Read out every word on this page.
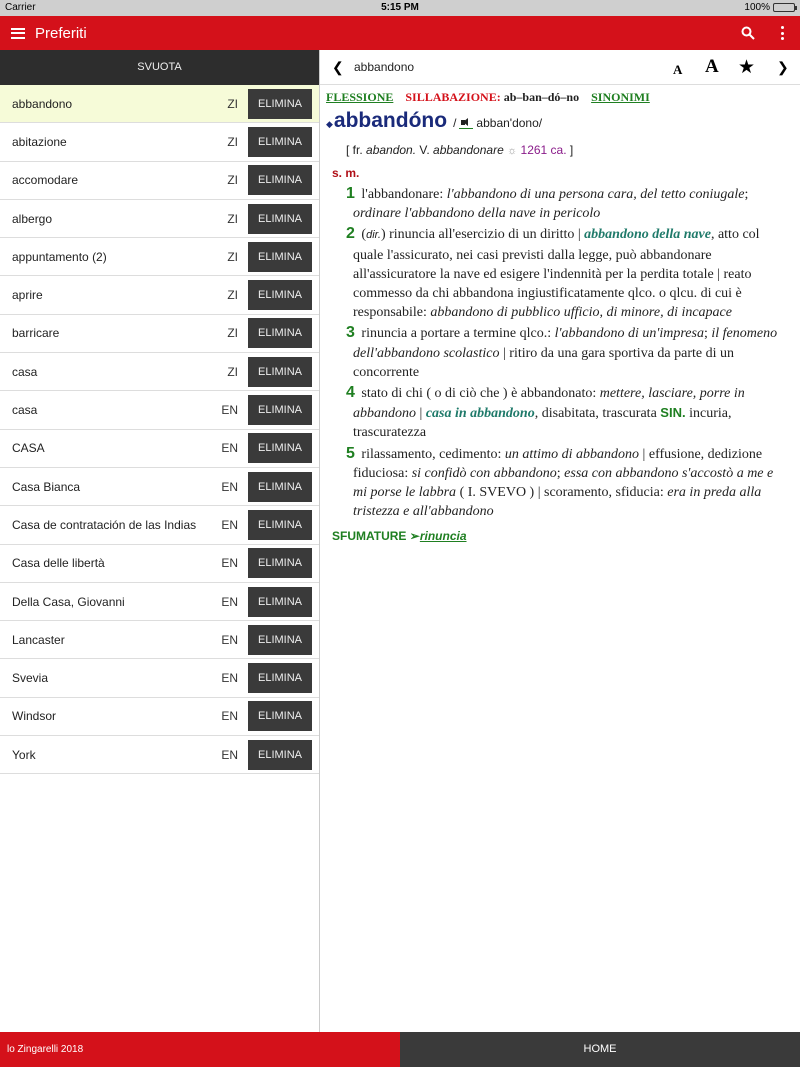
Carrier	5:15 PM	100%
Preferiti
SVUOTA
abbandono	ZI	ELIMINA
abitazione	ZI	ELIMINA
accomodare	ZI	ELIMINA
albergo	ZI	ELIMINA
appuntamento (2)	ZI	ELIMINA
aprire	ZI	ELIMINA
barricare	ZI	ELIMINA
casa	ZI	ELIMINA
casa	EN	ELIMINA
CASA	EN	ELIMINA
Casa Bianca	EN	ELIMINA
Casa de contratación de las Indias	EN	ELIMINA
Casa delle libertà	EN	ELIMINA
Della Casa, Giovanni	EN	ELIMINA
Lancaster	EN	ELIMINA
Svevia	EN	ELIMINA
Windsor	EN	ELIMINA
York	EN	ELIMINA
❮ abbandono	A A ★ ❯
FLESSIONE SILLABAZIONE: ab–ban–dó–no SINONIMI
◆ abbandóno / abban'dono/
[ fr. abandon. V. abbandonare ☼ 1261 ca. ]
s. m.

1 l'abbandonare: l'abbandono di una persona cara, del tetto coniugale; ordinare l'abbandono della nave in pericolo

2 (dir.) rinuncia all'esercizio di un diritto | abbandono della nave, atto col quale l'assicurato, nei casi previsti dalla legge, può abbandonare all'assicuratore la nave ed esigere l'indennità per la perdita totale | reato commesso da chi abbandona ingiustificatamente qlco. o qlcu. di cui è responsabile: abbandono di pubblico ufficio, di minore, di incapace

3 rinuncia a portare a termine qlco.: l'abbandono di un'impresa; il fenomeno dell'abbandono scolastico | ritiro da una gara sportiva da parte di un concorrente

4 stato di chi ( o di ciò che ) è abbandonato: mettere, lasciare, porre in abbandono | casa in abbandono, disabitata, trascurata SIN. incuria, trascuratezza

5 rilassamento, cedimento: un attimo di abbandono | effusione, dedizione fiduciosa: si confidò con abbandono; essa con abbandono s'accostò a me e mi porse le labbra ( I. SVEVO ) | scoramento, sfiducia: era in preda alla tristezza e all'abbandono

SFUMATURE ➢rinuncia
lo Zingarelli 2018	HOME
